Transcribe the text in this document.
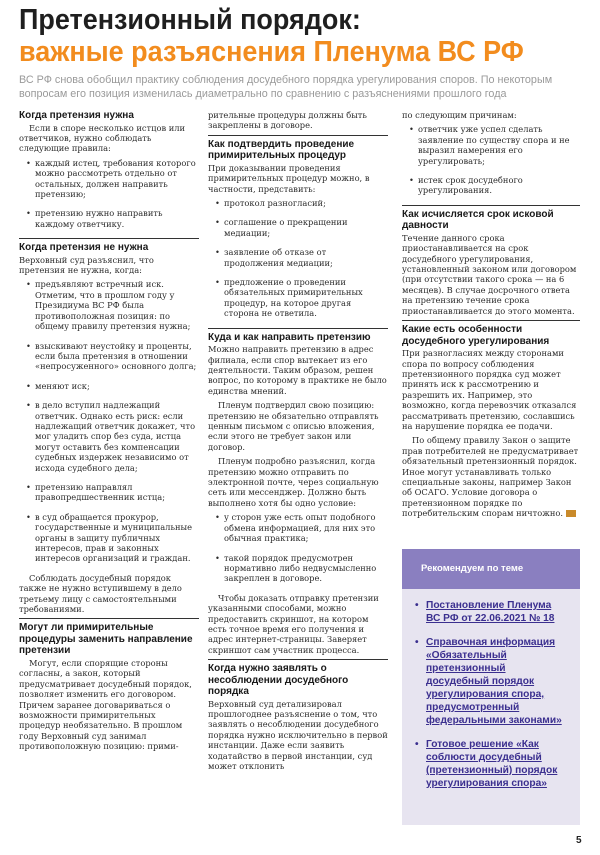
Претензионный порядок:
важные разъяснения Пленума ВС РФ
ВС РФ снова обобщил практику соблюдения досудебного порядка урегулирования споров. По некоторым вопросам его позиция изменилась диаметрально по сравнению с разъяснениями прошлого года
Когда претензия нужна

Если в споре несколько истцов или ответчиков, нужно соблюдать следующие правила:

• каждый истец, требования которого можно рассмотреть отдельно от остальных, должен направить претензию;
• претензию нужно направить каждому ответчику.
Когда претензия не нужна

Верховный суд разъяснил, что претензия не нужна, когда:

• предъявляют встречный иск. Отметим, что в прошлом году у Президиума ВС РФ была противоположная позиция: по общему правилу претензия нужна;
• взыскивают неустойку и проценты, если была претензия в отношении «непросуженного» основного долга;
• меняют иск;
• в дело вступил надлежащий ответчик. Однако есть риск: если надлежащий ответчик докажет, что мог уладить спор без суда, истца могут оставить без компенсации судебных издержек независимо от исхода судебного дела;
• претензию направлял правопредшественник истца;
• в суд обращается прокурор, государственные и муниципальные органы в защиту публичных интересов, прав и законных интересов организаций и граждан.

Соблюдать досудебный порядок также не нужно вступившему в дело третьему лицу с самостоятельными требованиями.

Могут ли примирительные процедуры заменить направление претензии

Могут, если спорящие стороны согласны, а закон, который предусматривает досудебный порядок, позволяет изменить его договором. Причем заранее договариваться о возможности примирительных процедур необязательно. В прошлом году Верховный суд занимал противоположную позицию: прими-

рительные процедуры должны быть закреплены в договоре.

Как подтвердить проведение примирительных процедур

При доказывании проведения примирительных процедур можно, в частности, представить:

• протокол разногласий;
• соглашение о прекращении медиации;
• заявление об отказе от продолжения медиации;
• предложение о проведении обязательных примирительных процедур, на которое другая сторона не ответила.
Куда и как направить претензию

Можно направить претензию в адрес филиала, если спор вытекает из его деятельности. Таким образом, решен вопрос, по которому в практике не было единства мнений.

Пленум подтвердил свою позицию: претензию не обязательно отправлять ценным письмом с описью вложения, если этого не требует закон или договор.

Пленум подробно разъяснил, когда претензию можно отправить по электронной почте, через социальную сеть или мессенджер. Должно быть выполнено хотя бы одно условие:

• у сторон уже есть опыт подобного обмена информацией, для них это обычная практика;
• такой порядок предусмотрен нормативно либо недвусмысленно закреплен в договоре.

Чтобы доказать отправку претензии указанными способами, можно предоставить скриншот, на котором есть точное время его получения и адрес интернет-страницы. Заверяет скриншот сам участник процесса.

Когда нужно заявлять о несоблюдении досудебного порядка

Верховный суд детализировал прошлогоднее разъяснение о том, что заявлять о несоблюдении досудебного порядка нужно исключительно в первой инстанции. Даже если заявить ходатайство в первой инстанции, суд может отклонить

по следующим причинам:

• ответчик уже успел сделать заявление по существу спора и не выразил намерения его урегулировать;
• истек срок досудебного урегулирования.
Как исчисляется срок исковой давности

Течение данного срока приостанавливается на срок досудебного урегулирования, установленный законом или договором (при отсутствии такого срока — на 6 месяцев). В случае досрочного ответа на претензию течение срока приостанавливается до этого момента.

Какие есть особенности досудебного урегулирования

При разногласиях между сторонами спора по вопросу соблюдения претензионного порядка суд может принять иск к рассмотрению и разрешить их. Например, это возможно, когда перевозчик отказался рассматривать претензию, сославшись на нарушение порядка ее подачи.

По общему правилу Закон о защите прав потребителей не предусматривает обязательный претензионный порядок. Иное могут устанавливать только специальные законы, например Закон об ОСАГО. Условие договора о претензионном порядке по потребительским спорам ничтожно.

Рекомендуем по теме
• Постановление Пленума ВС РФ от 22.06.2021 № 18
• Справочная информация «Обязательный претензионный досудебный порядок урегулирования спора, предусмотренный федеральными законами»
• Готовое решение «Как соблюсти досудебный (претензионный) порядок урегулирования спора»
5
